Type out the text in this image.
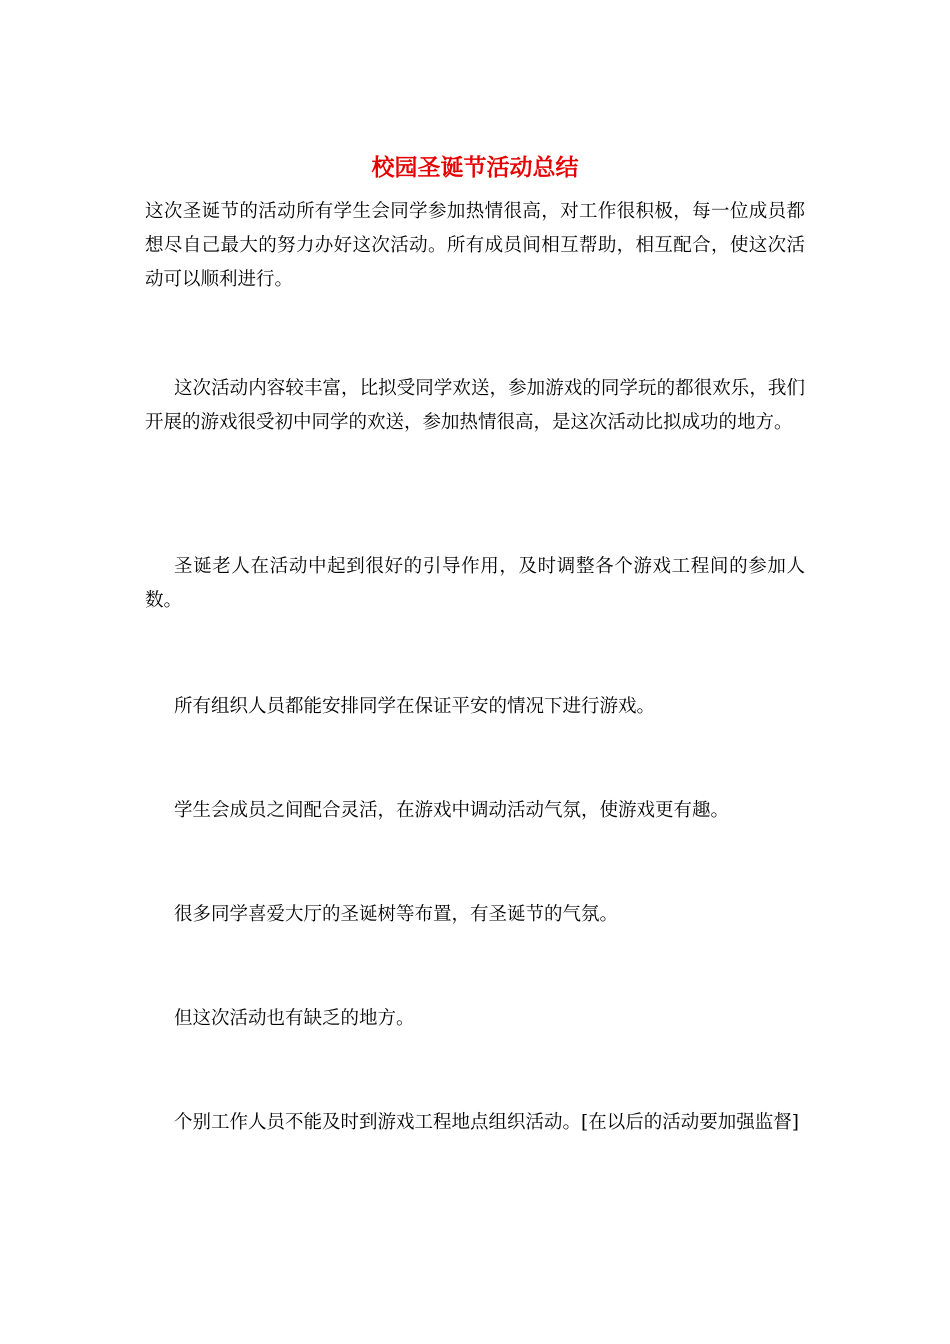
校园圣诞节活动总结

这次圣诞节的活动所有学生会同学参加热情很高，对工作很积极，每一位成员都想尽自己最大的努力办好这次活动。所有成员间相互帮助，相互配合，使这次活动可以顺利进行。

这次活动内容较丰富，比拟受同学欢送，参加游戏的同学玩的都很欢乐，我们开展的游戏很受初中同学的欢送，参加热情很高，是这次活动比拟成功的地方。

圣诞老人在活动中起到很好的引导作用，及时调整各个游戏工程间的参加人数。

所有组织人员都能安排同学在保证平安的情况下进行游戏。

学生会成员之间配合灵活，在游戏中调动活动气氛，使游戏更有趣。

很多同学喜爱大厅的圣诞树等布置，有圣诞节的气氛。

但这次活动也有缺乏的地方。

个别工作人员不能及时到游戏工程地点组织活动。[在以后的活动要加强监督]
